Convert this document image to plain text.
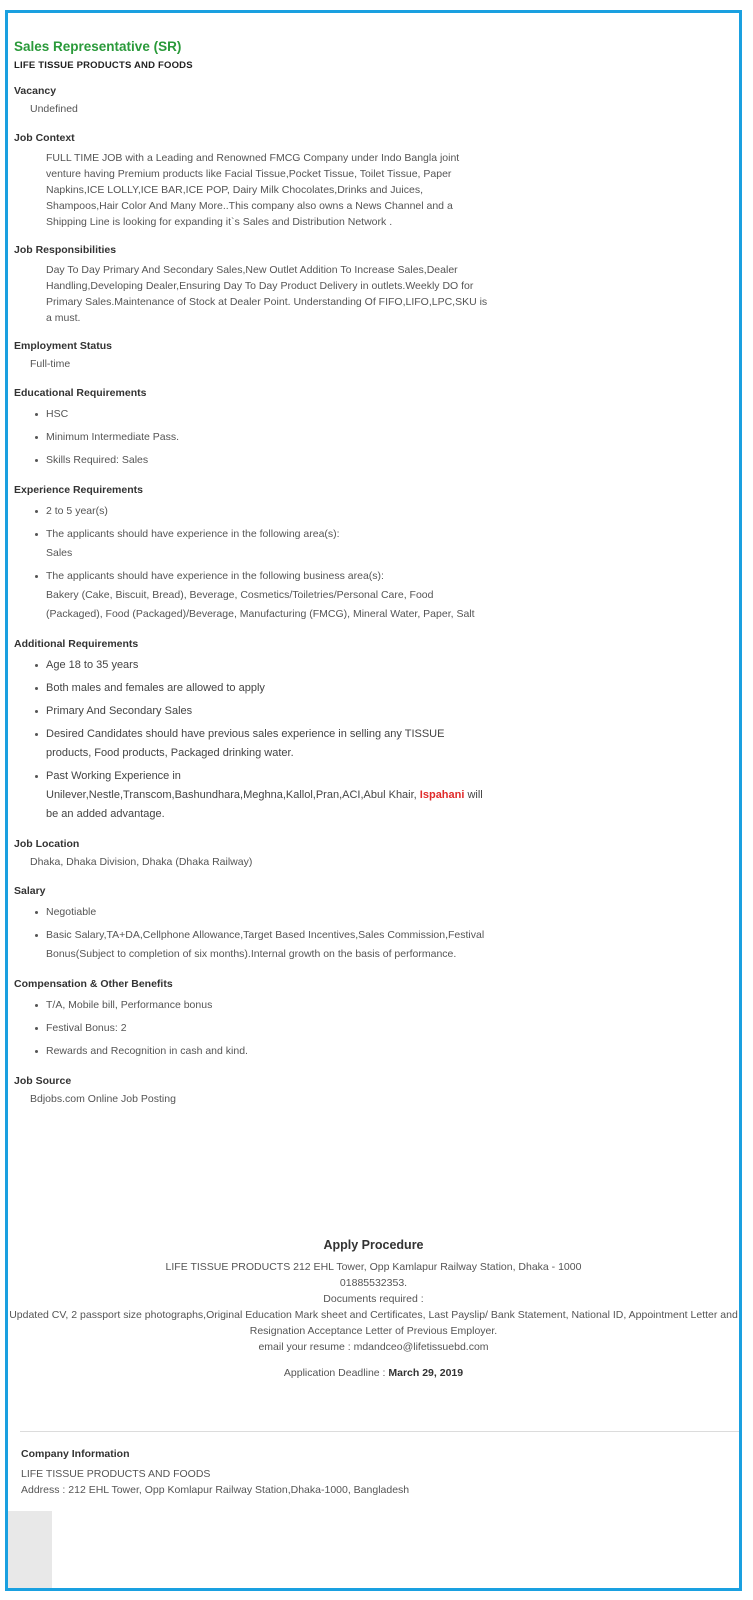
Sales Representative (SR)
LIFE TISSUE PRODUCTS AND FOODS
Vacancy
Undefined
Job Context
FULL TIME JOB with a Leading and Renowned FMCG Company under Indo Bangla joint venture having Premium products like Facial Tissue,Pocket Tissue, Toilet Tissue, Paper Napkins,ICE LOLLY,ICE BAR,ICE POP, Dairy Milk Chocolates,Drinks and Juices, Shampoos,Hair Color And Many More..This company also owns a News Channel and a Shipping Line is looking for expanding it`s Sales and Distribution Network .
Job Responsibilities
Day To Day Primary And Secondary Sales,New Outlet Addition To Increase Sales,Dealer Handling,Developing Dealer,Ensuring Day To Day Product Delivery in outlets.Weekly DO for Primary Sales.Maintenance of Stock at Dealer Point. Understanding Of FIFO,LIFO,LPC,SKU is a must.
Employment Status
Full-time
Educational Requirements
HSC
Minimum Intermediate Pass.
Skills Required: Sales
Experience Requirements
2 to 5 year(s)
The applicants should have experience in the following area(s):
Sales
The applicants should have experience in the following business area(s):
Bakery (Cake, Biscuit, Bread), Beverage, Cosmetics/Toiletries/Personal Care, Food (Packaged), Food (Packaged)/Beverage, Manufacturing (FMCG), Mineral Water, Paper, Salt
Additional Requirements
Age 18 to 35 years
Both males and females are allowed to apply
Primary And Secondary Sales
Desired Candidates should have previous sales experience in selling any TISSUE products, Food products, Packaged drinking water.
Past Working Experience in Unilever,Nestle,Transcom,Bashundhara,Meghna,Kallol,Pran,ACI,Abul Khair, Ispahani will be an added advantage.
Job Location
Dhaka, Dhaka Division, Dhaka (Dhaka Railway)
Salary
Negotiable
Basic Salary,TA+DA,Cellphone Allowance,Target Based Incentives,Sales Commission,Festival Bonus(Subject to completion of six months).Internal growth on the basis of performance.
Compensation & Other Benefits
T/A, Mobile bill, Performance bonus
Festival Bonus: 2
Rewards and Recognition in cash and kind.
Job Source
Bdjobs.com Online Job Posting
Apply Procedure
LIFE TISSUE PRODUCTS 212 EHL Tower, Opp Kamlapur Railway Station, Dhaka - 1000
01885532353.
Documents required :
Updated CV, 2 passport size photographs,Original Education Mark sheet and Certificates, Last Payslip/ Bank Statement, National ID, Appointment Letter and Resignation Acceptance Letter of Previous Employer.
email your resume : mdandceo@lifetissuebd.com
Application Deadline : March 29, 2019
Company Information
LIFE TISSUE PRODUCTS AND FOODS
Address : 212 EHL Tower, Opp Komlapur Railway Station,Dhaka-1000, Bangladesh
